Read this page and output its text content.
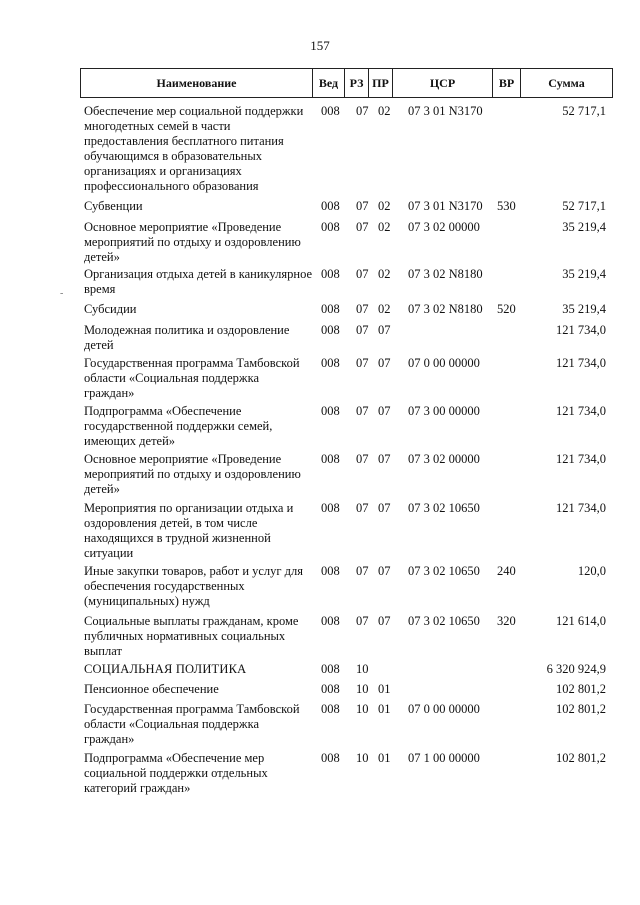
157
Наименование	Вед	РЗ	ПР	ЦСР	ВР	Сумма
-
Обеспечение мер социальной поддержки многодетных семей в части предоставления бесплатного питания обучающимся в образовательных организациях и организациях профессионального образования
008	07 02	07 3 01 N3170	52 717,1
Субвенции	008	07 02	07 3 01 N3170	530	52 717,1
Основное мероприятие «Проведение мероприятий по отдыху и оздоровлению детей»
008	07 02	07 3 02 00000	35 219,4
Организация отдыха детей в каникулярное время
008	07 02	07 3 02 N8180	35 219,4
Субсидии	008	07 02	07 3 02 N8180	520	35 219,4
Молодежная политика и оздоровление детей
008	07 07	121 734,0
Государственная программа Тамбовской области «Социальная поддержка граждан»
008	07 07	07 0 00 00000	121 734,0
Подпрограмма «Обеспечение государственной поддержки семей, имеющих детей»
008	07 07	07 3 00 00000	121 734,0
Основное мероприятие «Проведение мероприятий по отдыху и оздоровлению детей»
008	07 07	07 3 02 00000	121 734,0
Мероприятия по организации отдыха и оздоровления детей, в том числе находящихся в трудной жизненной ситуации
008	07 07	07 3 02 10650	121 734,0
Иные закупки товаров, работ и услуг для обеспечения государственных (муниципальных) нужд
008	07 07	07 3 02 10650	240	120,0
Социальные выплаты гражданам, кроме публичных нормативных социальных выплат
008	07 07	07 3 02 10650	320	121 614,0
СОЦИАЛЬНАЯ ПОЛИТИКА	008	10	6 320 924,9
Пенсионное обеспечение	008	10 01	102 801,2
Государственная программа Тамбовской области «Социальная поддержка граждан»
008	10 01	07 0 00 00000	102 801,2
Подпрограмма «Обеспечение мер социальной поддержки отдельных категорий граждан»
008	10 01	07 1 00 00000	102 801,2
